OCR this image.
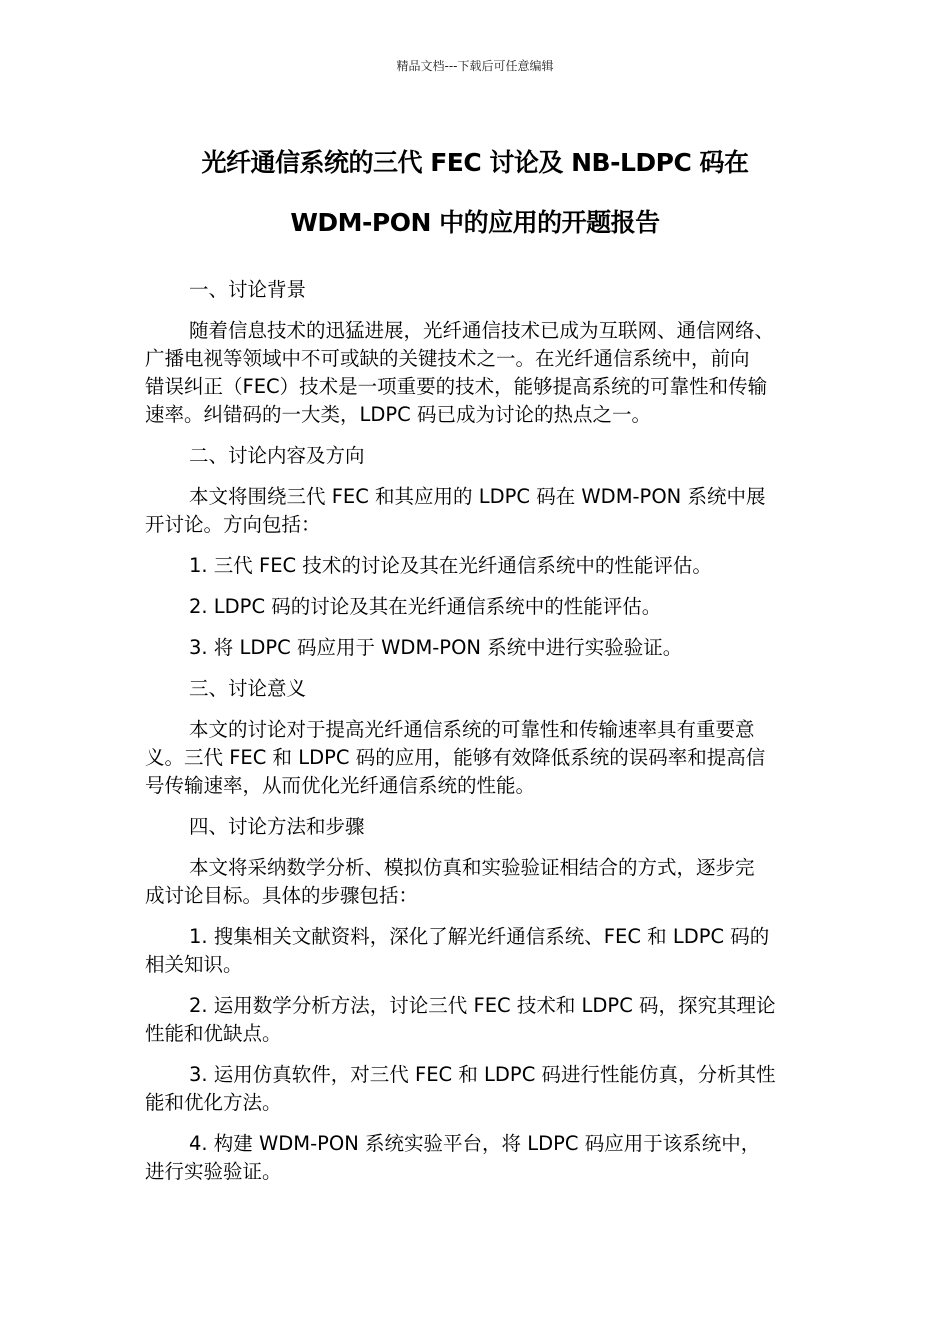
精品文档---下载后可任意编辑
光纤通信系统的三代 FEC 讨论及 NB-LDPC 码在
WDM-PON 中的应用的开题报告

一、讨论背景

随着信息技术的迅猛进展，光纤通信技术已成为互联网、通信网络、
广播电视等领域中不可或缺的关键技术之一。在光纤通信系统中，前向
错误纠正（FEC）技术是一项重要的技术，能够提高系统的可靠性和传输
速率。纠错码的一大类，LDPC 码已成为讨论的热点之一。

二、讨论内容及方向

本文将围绕三代 FEC 和其应用的 LDPC 码在 WDM-PON 系统中展
开讨论。方向包括：

1. 三代 FEC 技术的讨论及其在光纤通信系统中的性能评估。

2. LDPC 码的讨论及其在光纤通信系统中的性能评估。

3. 将 LDPC 码应用于 WDM-PON 系统中进行实验验证。

三、讨论意义

本文的讨论对于提高光纤通信系统的可靠性和传输速率具有重要意
义。三代 FEC 和 LDPC 码的应用，能够有效降低系统的误码率和提高信
号传输速率，从而优化光纤通信系统的性能。

四、讨论方法和步骤

本文将采纳数学分析、模拟仿真和实验验证相结合的方式，逐步完
成讨论目标。具体的步骤包括：

1. 搜集相关文献资料，深化了解光纤通信系统、FEC 和 LDPC 码的
相关知识。

2. 运用数学分析方法，讨论三代 FEC 技术和 LDPC 码，探究其理论
性能和优缺点。

3. 运用仿真软件，对三代 FEC 和 LDPC 码进行性能仿真，分析其性
能和优化方法。

4. 构建 WDM-PON 系统实验平台，将 LDPC 码应用于该系统中，
进行实验验证。
